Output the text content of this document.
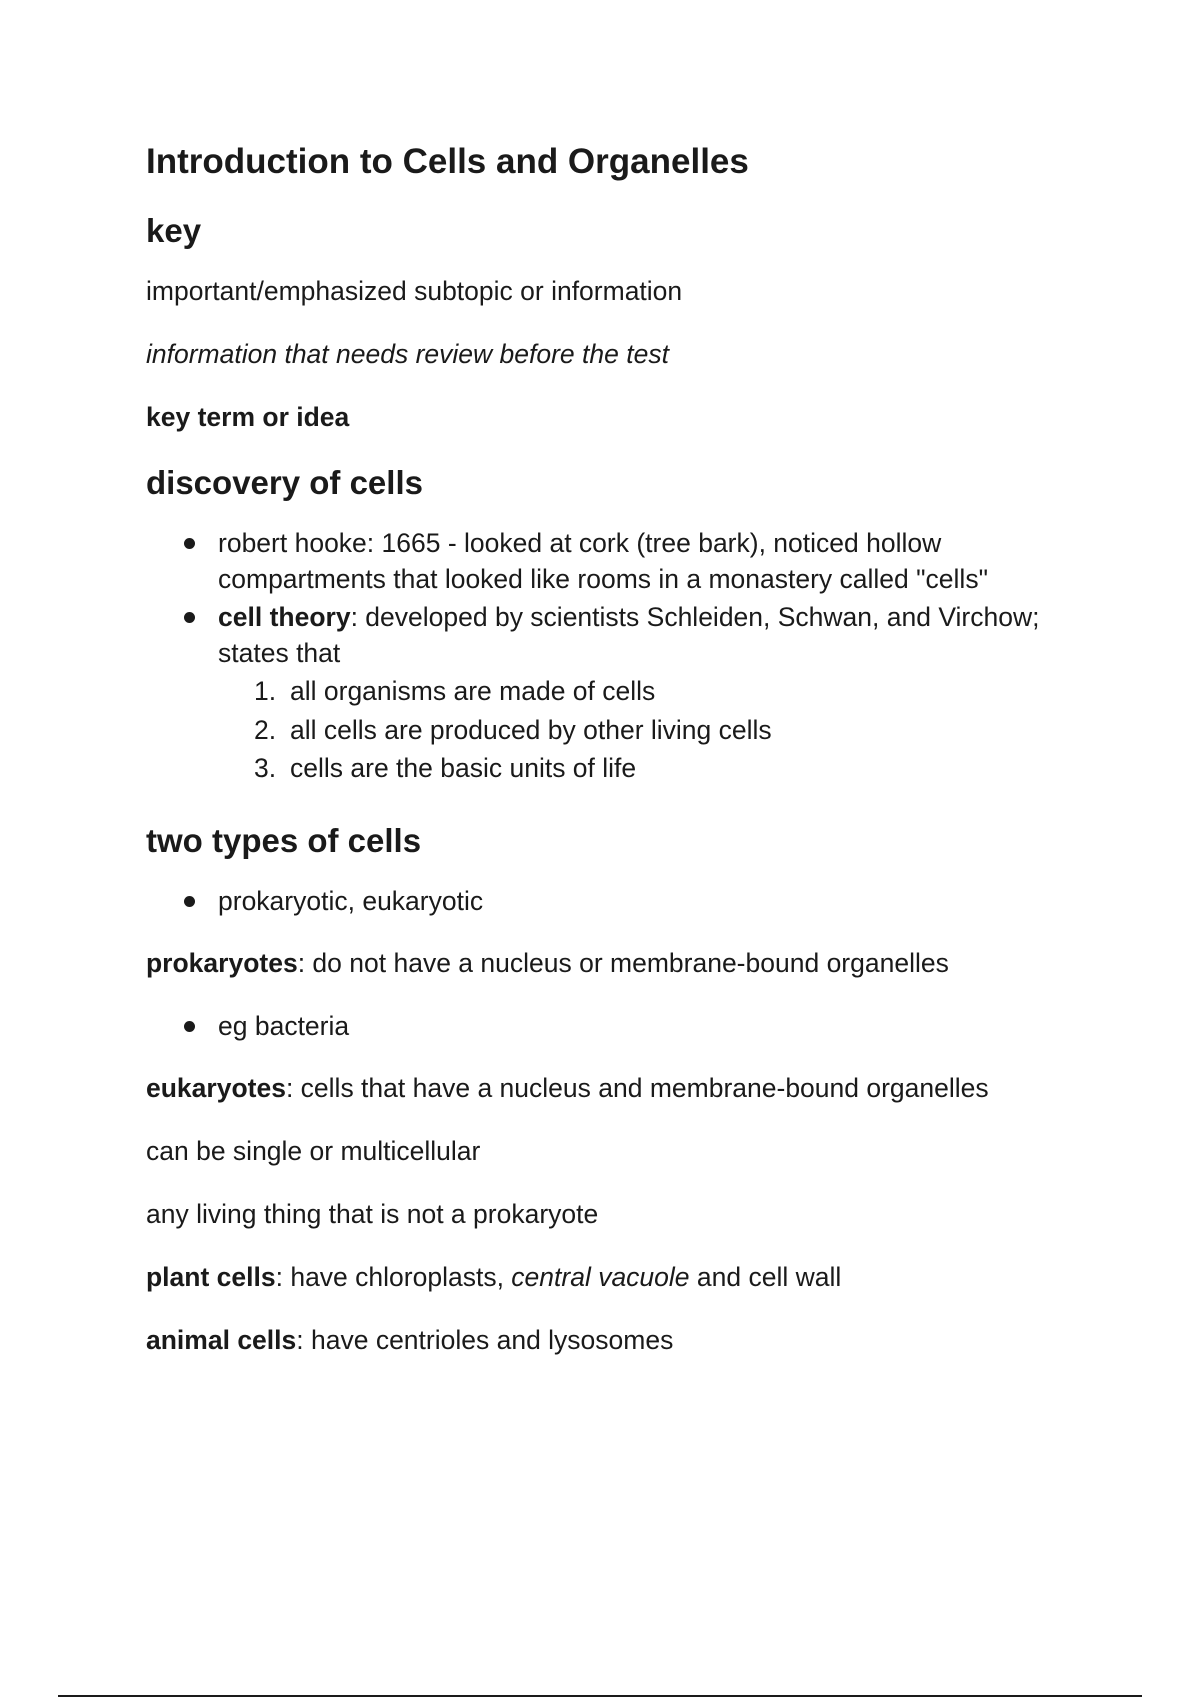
Introduction to Cells and Organelles
key
important/emphasized subtopic or information
information that needs review before the test
key term or idea
discovery of cells
robert hooke: 1665 - looked at cork (tree bark), noticed hollow compartments that looked like rooms in a monastery called "cells"
cell theory: developed by scientists Schleiden, Schwan, and Virchow; states that
1. all organisms are made of cells
2. all cells are produced by other living cells
3. cells are the basic units of life
two types of cells
prokaryotic, eukaryotic
prokaryotes: do not have a nucleus or membrane-bound organelles
eg bacteria
eukaryotes: cells that have a nucleus and membrane-bound organelles
can be single or multicellular
any living thing that is not a prokaryote
plant cells: have chloroplasts, central vacuole and cell wall
animal cells: have centrioles and lysosomes
